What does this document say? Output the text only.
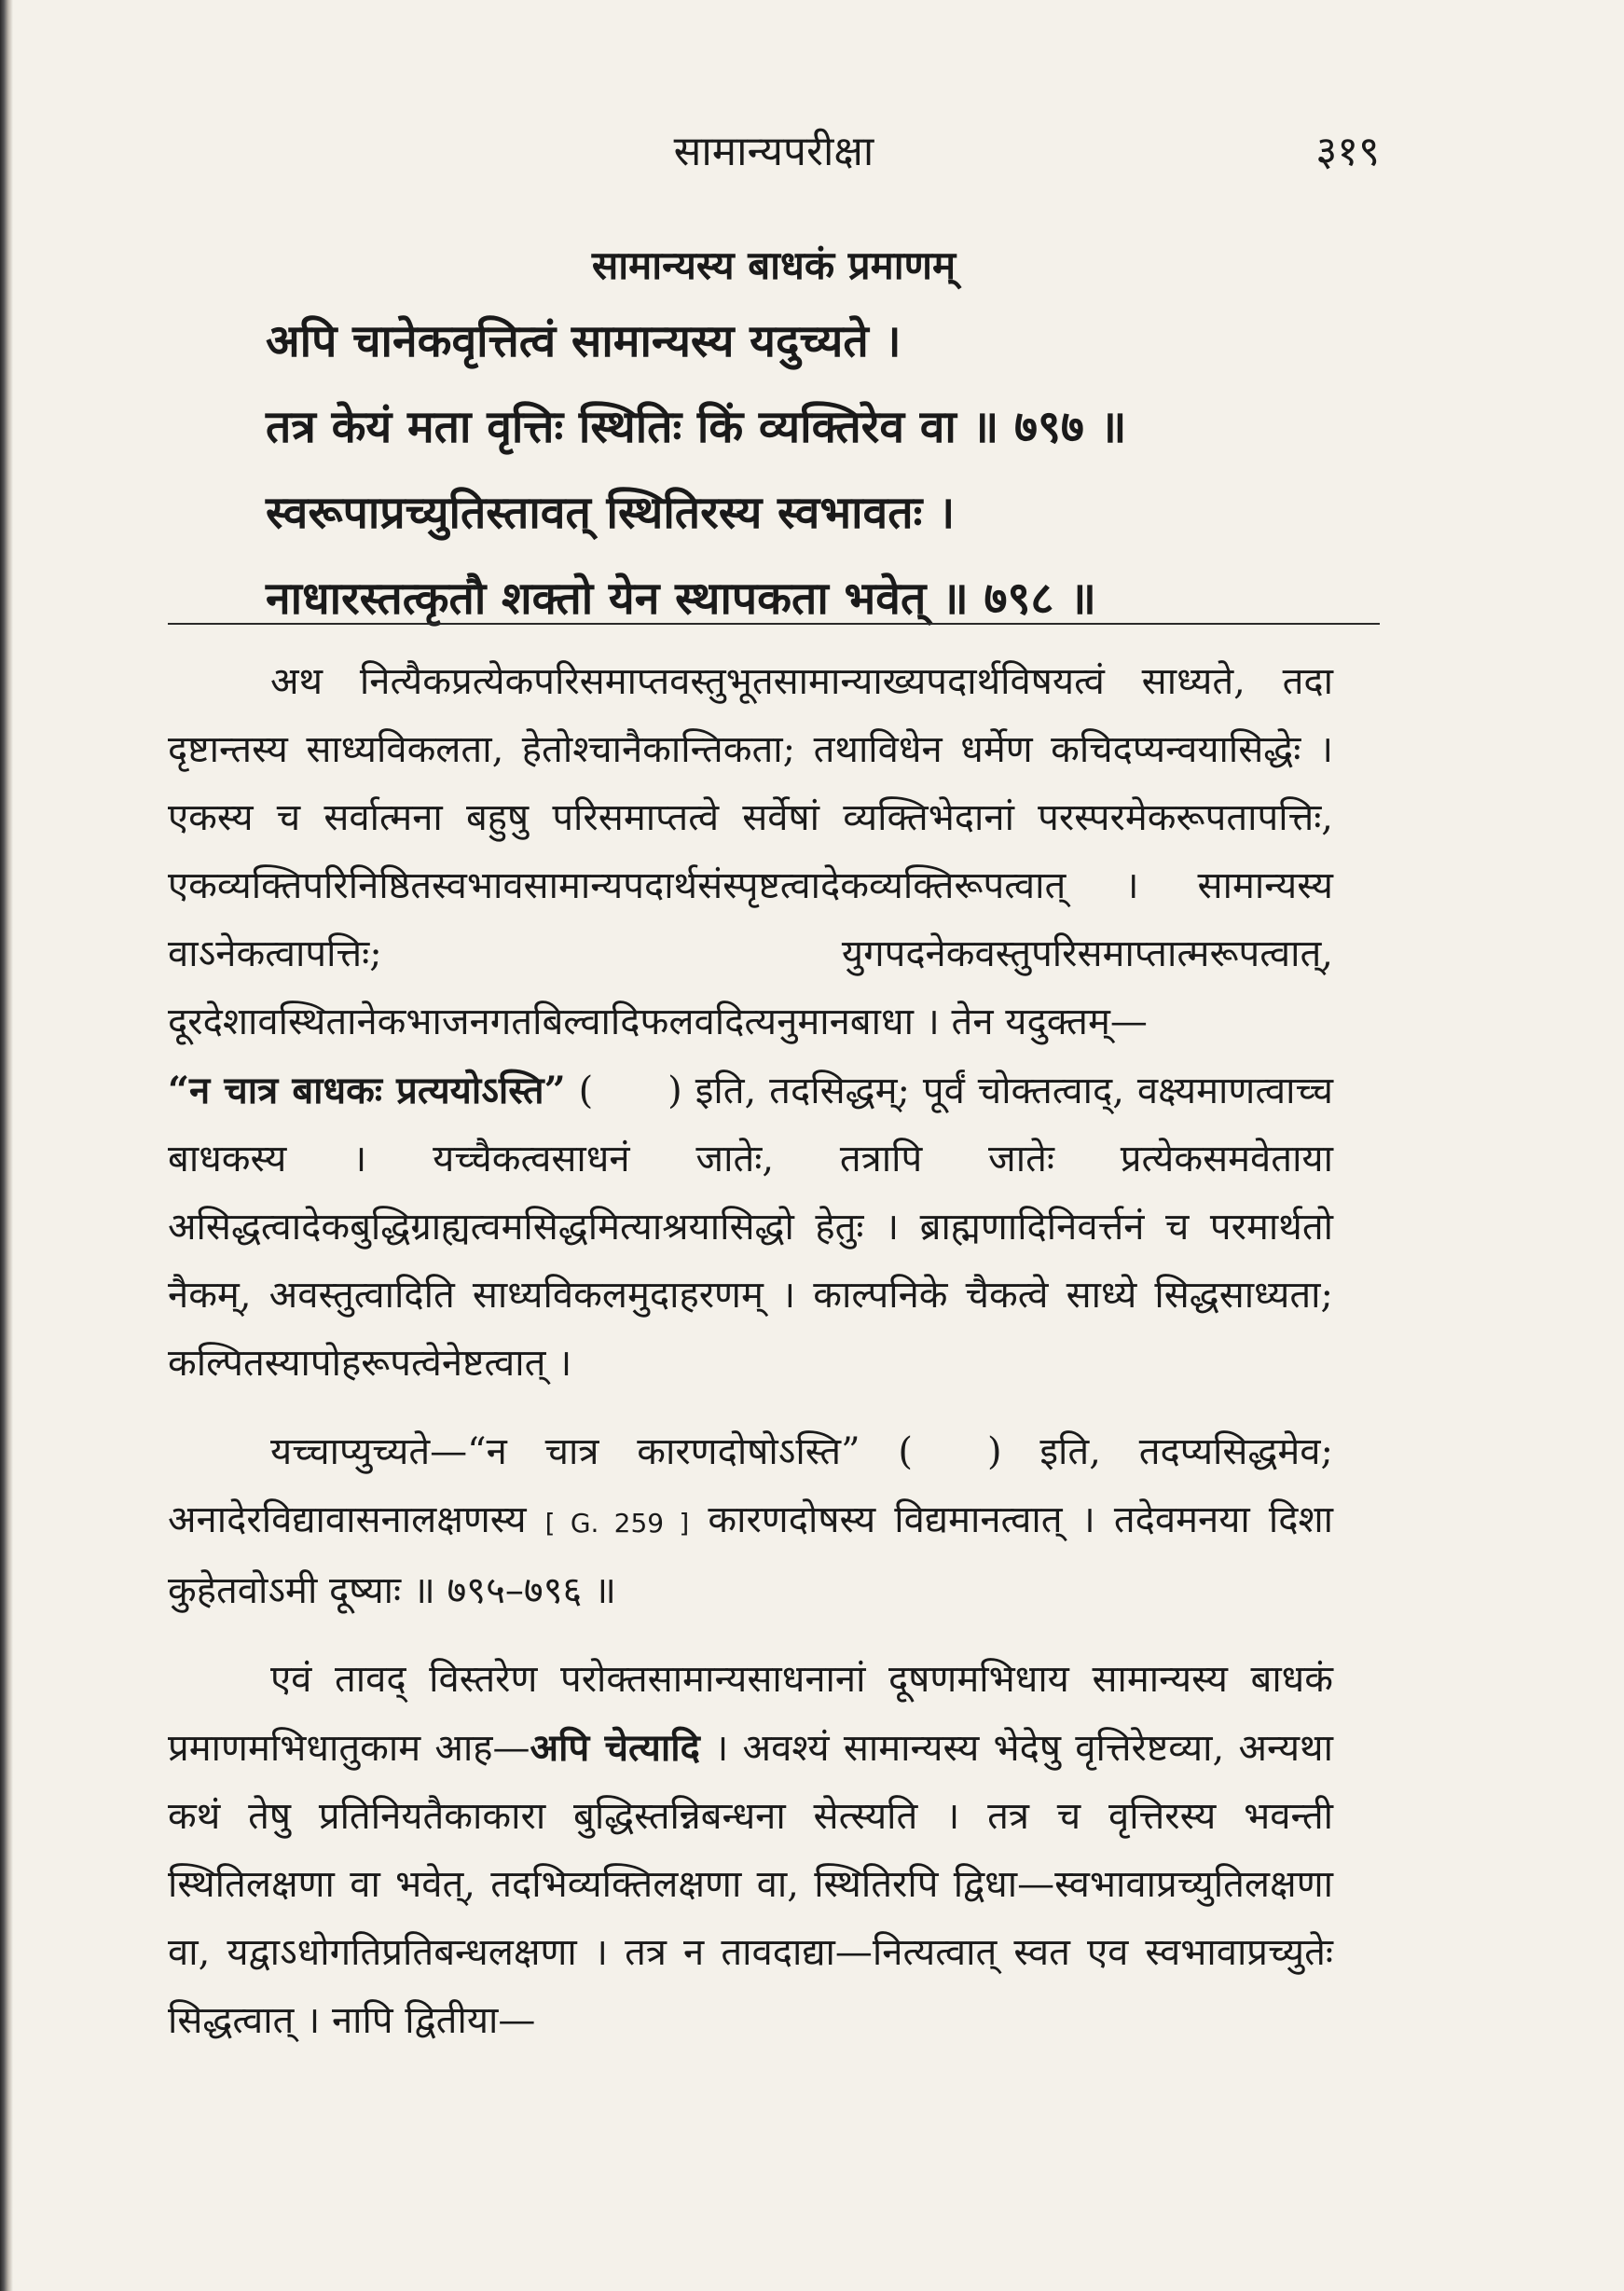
सामान्यपरीक्षा	३१९
सामान्यस्य बाधकं प्रमाणम्
अपि चानेकवृत्तित्वं सामान्यस्य यदुच्यते ।
तत्र केयं मता वृत्तिः स्थितिः किं व्यक्तिरेव वा ॥ ७९७ ॥
स्वरूपाप्रच्युतिस्तावत् स्थितिरस्य स्वभावतः ।
नाधारस्तत्कृतौ शक्तो येन स्थापकता भवेत् ॥ ७९८ ॥

अथ नित्यैकप्रत्येकपरिसमाप्तवस्तुभूतसामान्याख्यपदार्थविषयत्वं साध्यते, तदा दृष्टान्तस्य साध्यविकलता, हेतोश्चानैकान्तिकता; तथाविधेन धर्मेण कचिदप्यन्वयासिद्धेः । एकस्य च सर्वात्मना बहुषु परिसमाप्तत्वे सर्वेषां व्यक्तिभेदानां परस्परमेकरूपतापत्तिः, एकव्यक्तिपरिनिष्ठितस्वभावसामान्यपदार्थसंस्पृष्टत्वादेकव्यक्तिरूपत्वात् । सामान्यस्य वाऽनेकत्वापत्तिः; युगपदनेकवस्तुपरिसमाप्तात्मरूपत्वात्, दूरदेशावस्थितानेकभाजनगतबिल्वादिफलवदित्यनुमानबाधा । तेन यदुक्तम्—
“न चात्र बाधकः प्रत्ययोऽस्ति” ( ) इति, तदसिद्धम्; पूर्वं चोक्तत्वाद्, वक्ष्यमाणत्वाच्च बाधकस्य । यच्चैकत्वसाधनं जातेः, तत्रापि जातेः प्रत्येकसमवेताया असिद्धत्वादेकबुद्धिग्राह्यत्वमसिद्धमित्याश्रयासिद्धो हेतुः । ब्राह्मणादिनिवर्त्तनं च परमार्थतो नैकम्, अवस्तुत्वादिति साध्यविकलमुदाहरणम् । काल्पनिके चैकत्वे साध्ये सिद्धसाध्यता; कल्पितस्यापोहरूपत्वेनेष्टत्वात् ।

यच्चाप्युच्यते—“न चात्र कारणदोषोऽस्ति” ( ) इति, तदप्यसिद्धमेव; अनादेरविद्यावासनालक्षणस्य [ G. 259 ] कारणदोषस्य विद्यमानत्वात् । तदेवमनया दिशा कुहेतवोऽमी दूष्याः ॥ ७९५–७९६ ॥

एवं तावद् विस्तरेण परोक्तसामान्यसाधनानां दूषणमभिधाय सामान्यस्य बाधकं प्रमाणमभिधातुकाम आह—अपि चेत्यादि । अवश्यं सामान्यस्य भेदेषु वृत्तिरेष्टव्या, अन्यथा कथं तेषु प्रतिनियतैकाकारा बुद्धिस्तन्निबन्धना सेत्स्यति । तत्र च वृत्तिरस्य भवन्ती स्थितिलक्षणा वा भवेत्, तदभिव्यक्तिलक्षणा वा, स्थितिरपि द्विधा—स्वभावाप्रच्युतिलक्षणा वा, यद्वाऽधोगतिप्रतिबन्धलक्षणा । तत्र न तावदाद्या—नित्यत्वात् स्वत एव स्वभावाप्रच्युतेः सिद्धत्वात् । नापि द्वितीया—
